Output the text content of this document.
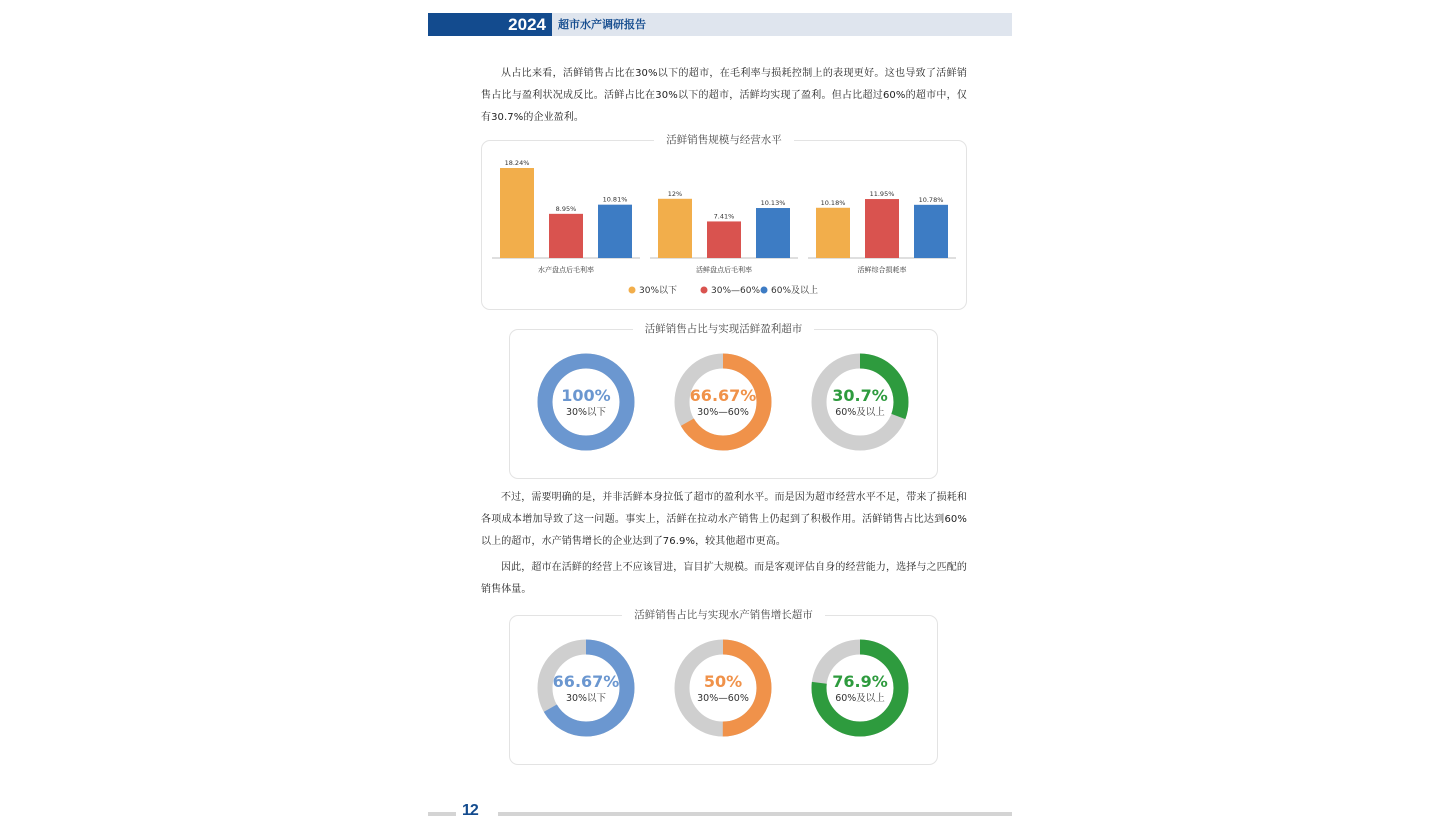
2024	超市水产调研报告

从占比来看，活鲜销售占比在30%以下的超市，在毛利率与损耗控制上的表现更好。这也导致了活鲜销售占比与盈利状况成反比。活鲜占比在30%以下的超市，活鲜均实现了盈利。但占比超过60%的超市中，仅有30.7%的企业盈利。

活鲜销售规模与经营水平
18.24%
8.95%
10.81%
水产盘点后毛利率
12%
7.41%
10.13%
活鲜盘点后毛利率
10.18%
11.95%
10.78%
活鲜综合损耗率
30%以下	30%—60% 60%及以上
活鲜销售占比与实现活鲜盈利超市
100%
30%以下
66.67%
30%—60%
30.7%
60%及以上

不过，需要明确的是，并非活鲜本身拉低了超市的盈利水平。而是因为超市经营水平不足，带来了损耗和各项成本增加导致了这一问题。事实上，活鲜在拉动水产销售上仍起到了积极作用。活鲜销售占比达到60%以上的超市，水产销售增长的企业达到了76.9%，较其他超市更高。

因此，超市在活鲜的经营上不应该冒进，盲目扩大规模。而是客观评估自身的经营能力，选择与之匹配的销售体量。

活鲜销售占比与实现水产销售增长超市
66.67%
30%以下
50%
30%—60%
76.9%
60%及以上
12
